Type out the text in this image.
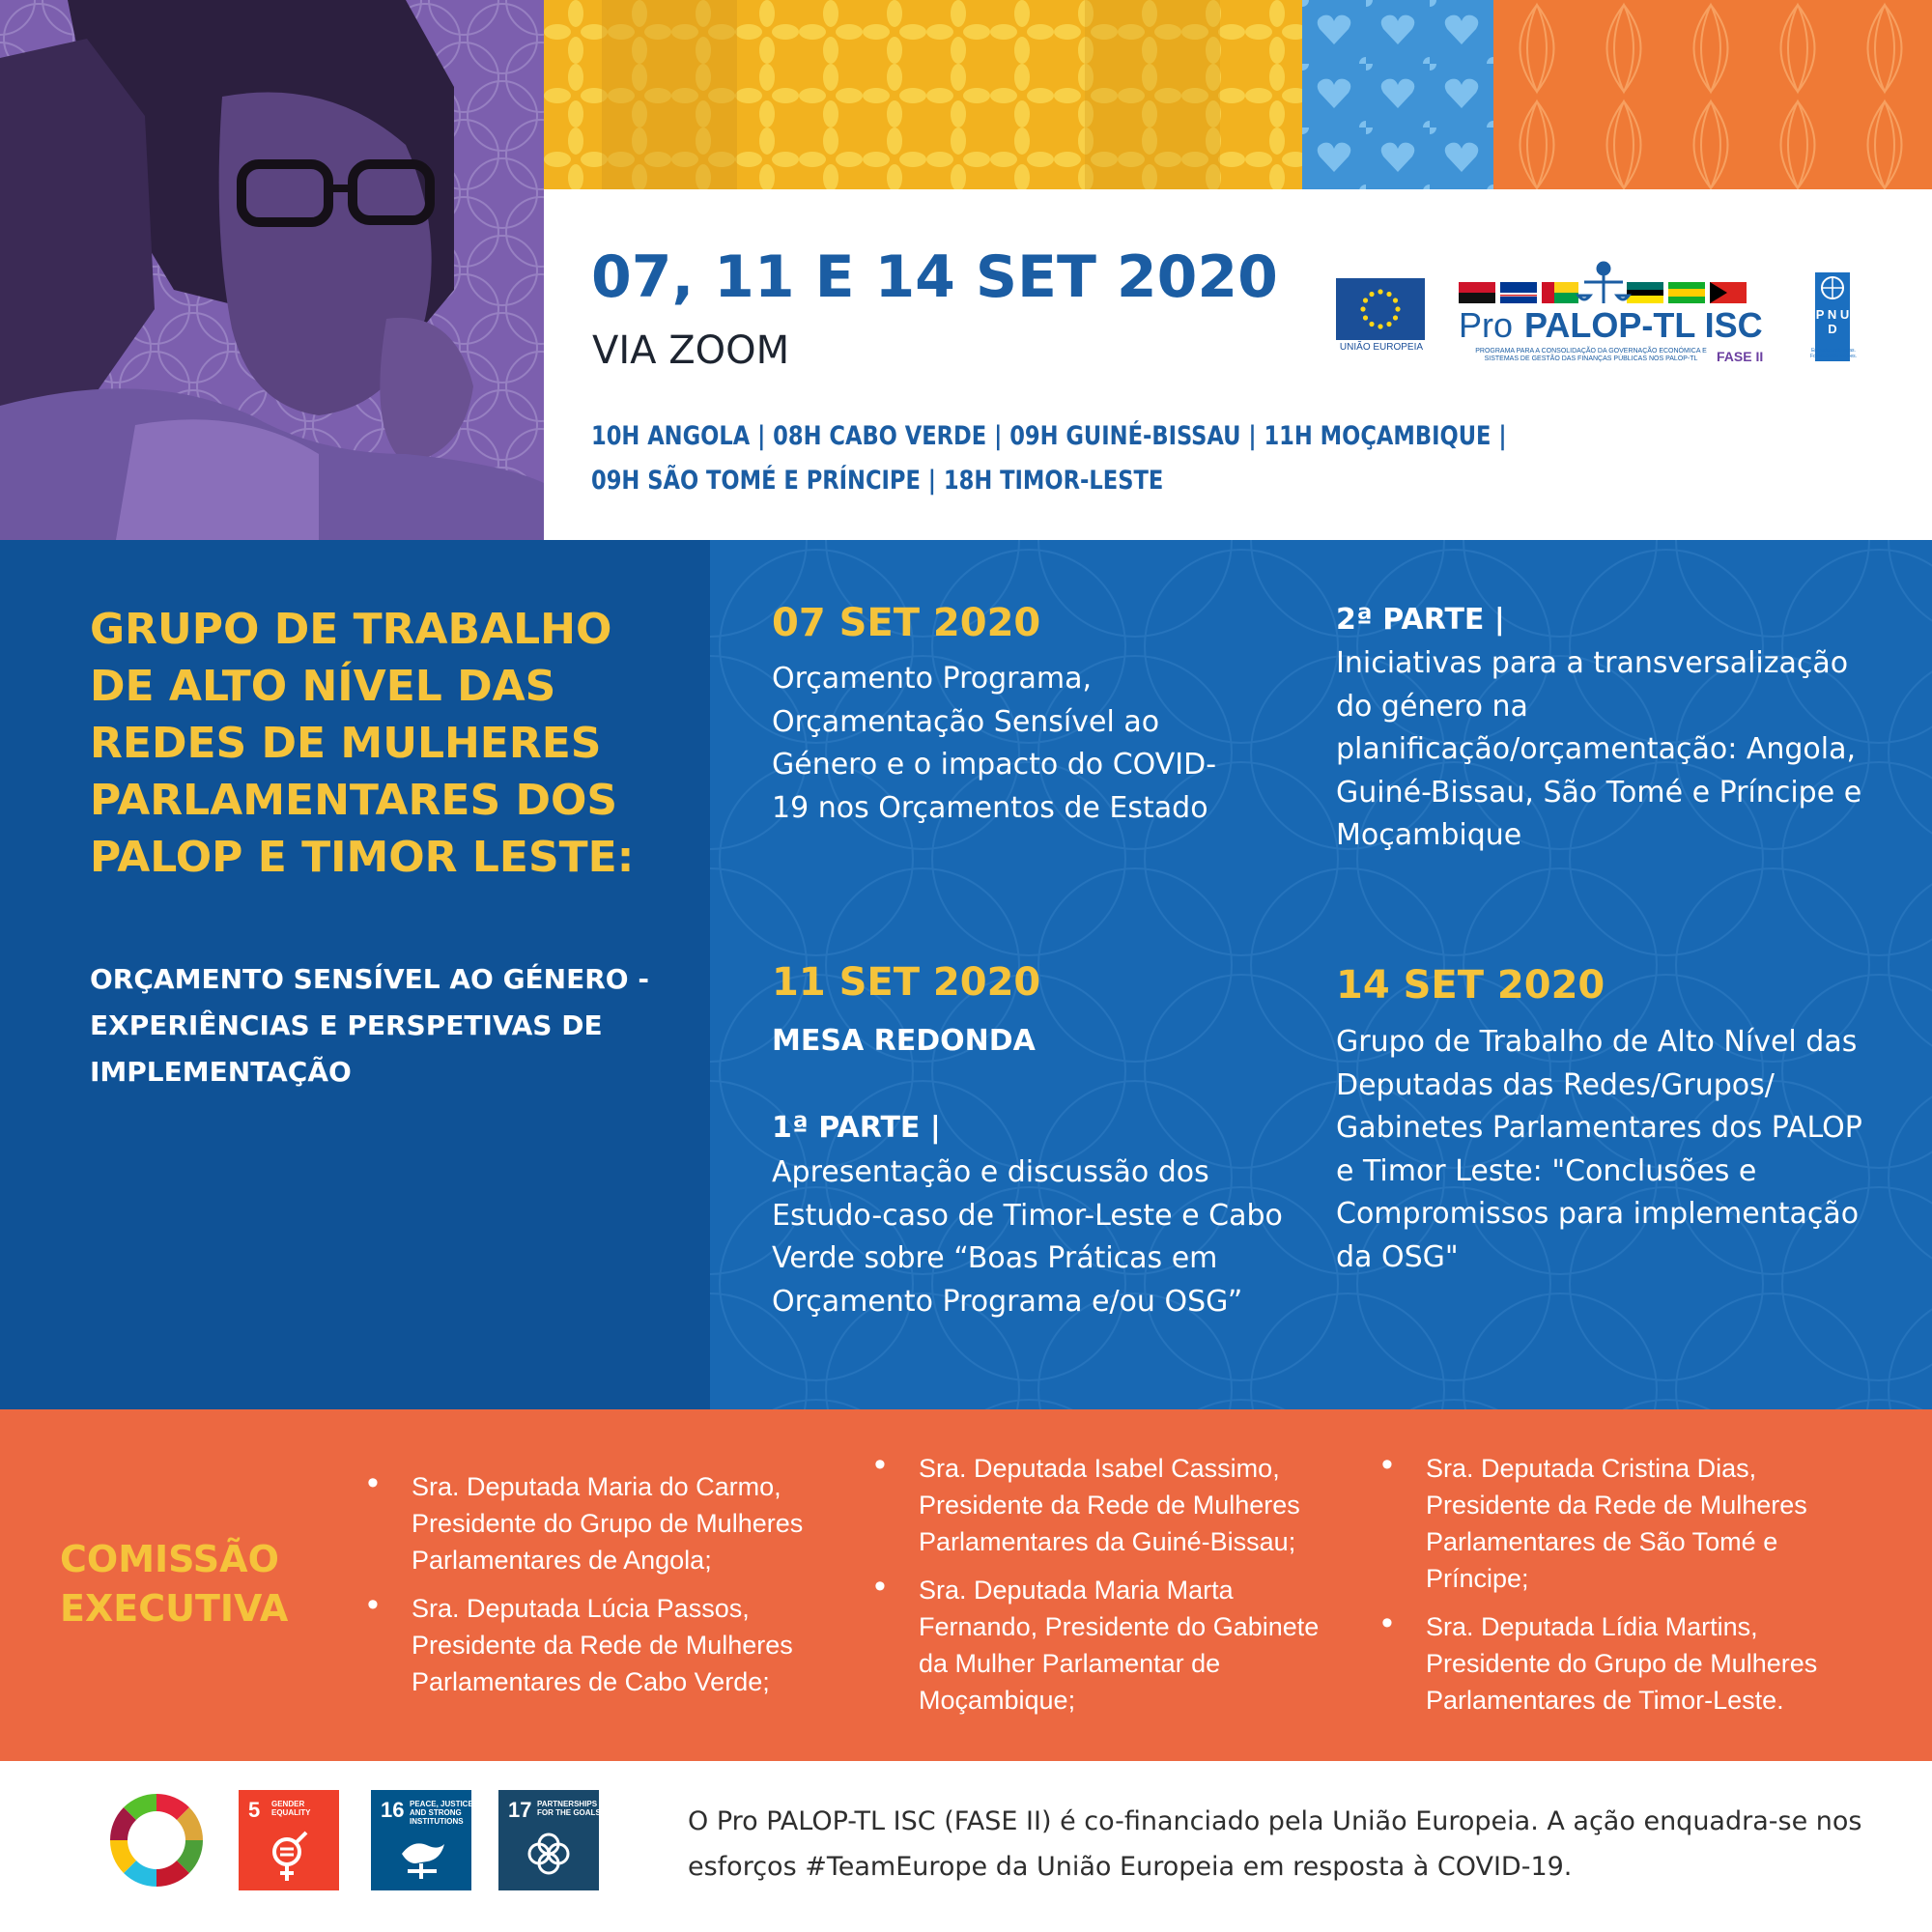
07, 11 E 14 SET 2020
VIA ZOOM
10H ANGOLA | 08H CABO VERDE | 09H GUINÉ-BISSAU | 11H MOÇAMBIQUE |
09H SÃO TOMÉ E PRÍNCIPE | 18H TIMOR-LESTE
UNIÃO EUROPEIA
Pro PALOP-TL ISC
PROGRAMA PARA A CONSOLIDAÇÃO DA GOVERNAÇÃO ECONÓMICA E SISTEMAS DE GESTÃO DAS FINANÇAS PÚBLICAS NOS PALOP-TL	FASE II
P N U D
Empoderando vidas. Fortalecendo nações.
GRUPO DE TRABALHO DE ALTO NÍVEL DAS REDES DE MULHERES PARLAMENTARES DOS PALOP E TIMOR LESTE:
ORÇAMENTO SENSÍVEL AO GÉNERO - EXPERIÊNCIAS E PERSPETIVAS DE IMPLEMENTAÇÃO
07 SET 2020
Orçamento Programa, Orçamentação Sensível ao Género e o impacto do COVID-19 nos Orçamentos de Estado
11 SET 2020
MESA REDONDA
1ª PARTE |
Apresentação e discussão dos Estudo-caso de Timor-Leste e Cabo Verde sobre “Boas Práticas em Orçamento Programa e/ou OSG”
2ª PARTE |
Iniciativas para a transversalização do género na planificação/orçamentação: Angola, Guiné-Bissau, São Tomé e Príncipe e Moçambique
14 SET 2020
Grupo de Trabalho de Alto Nível das Deputadas das Redes/Grupos/ Gabinetes Parlamentares dos PALOP e Timor Leste: "Conclusões e Compromissos para implementação da OSG"
COMISSÃO EXECUTIVA
• Sra. Deputada Maria do Carmo, Presidente do Grupo de Mulheres Parlamentares de Angola;
• Sra. Deputada Lúcia Passos, Presidente da Rede de Mulheres Parlamentares de Cabo Verde;
• Sra. Deputada Isabel Cassimo, Presidente da Rede de Mulheres Parlamentares da Guiné-Bissau;
• Sra. Deputada Maria Marta Fernando, Presidente do Gabinete da Mulher Parlamentar de Moçambique;
• Sra. Deputada Cristina Dias, Presidente da Rede de Mulheres Parlamentares de São Tomé e Príncipe;
• Sra. Deputada Lídia Martins, Presidente do Grupo de Mulheres Parlamentares de Timor-Leste.
5 GENDER EQUALITY	16 PEACE, JUSTICE AND STRONG INSTITUTIONS	17 PARTNERSHIPS FOR THE GOALS	O Pro PALOP-TL ISC (FASE II) é co-financiado pela União Europeia. A ação enquadra-se nos esforços #TeamEurope da União Europeia em resposta à COVID-19.
